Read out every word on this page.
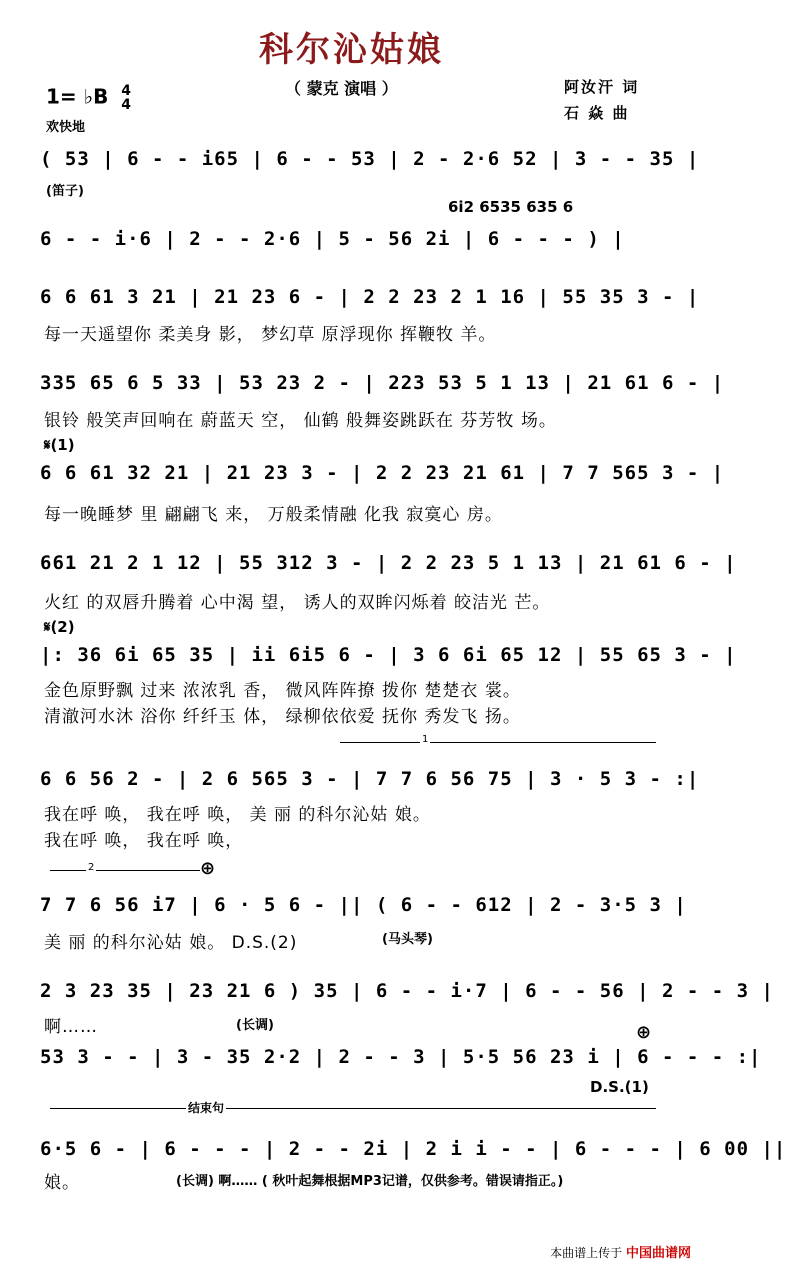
科尔沁姑娘
（ 蒙克 演唱 ）
1= ♭B 4
4
欢快地
阿汝汗 词
石 焱 曲
( 53 | 6 - - i65 | 6 - - 53 | 2 - 2·6 52 | 3 - - 35 |
(笛子)
6i2 6535 635 6
6 - - i·6 | 2 - - 2·6 | 5 - 56 2i | 6 - - - ) |
6 6 61 3 21 | 21 23 6 - | 2 2 23 2 1 16 | 55 35 3 - |
每一天遥望你 柔美身 影， 梦幻草 原浮现你 挥鞭牧 羊。
335 65 6 5 33 | 53 23 2 - | 223 53 5 1 13 | 21 61 6 - |
银铃 般笑声回响在 蔚蓝天 空， 仙鹤 般舞姿跳跃在 芬芳牧 场。
𝄋(1)
6 6 61 32 21 | 21 23 3 - | 2 2 23 21 61 | 7 7 565 3 - |
每一晚睡梦 里 翩翩飞 来， 万般柔情融 化我 寂寞心 房。
661 21 2 1 12 | 55 312 3 - | 2 2 23 5 1 13 | 21 61 6 - |
火红 的双唇升腾着 心中渴 望， 诱人的双眸闪烁着 皎洁光 芒。
𝄋(2)
|: 36 6i 65 35 | ii 6i5 6 - | 3 6 6i 65 12 | 55 65 3 - |
金色原野飘 过来 浓浓乳 香， 微风阵阵撩 拨你 楚楚衣 裳。
清澈河水沐 浴你 纤纤玉 体， 绿柳依依爱 抚你 秀发飞 扬。
1
6 6 56 2 - | 2 6 565 3 - | 7 7 6 56 75 | 3 · 5 3 - :|
我在呼 唤， 我在呼 唤， 美 丽 的科尔沁姑 娘。
我在呼 唤， 我在呼 唤，
2	⊕
7 7 6 56 i7 | 6 · 5 6 - || ( 6 - - 612 | 2 - 3·5 3 |
美 丽 的科尔沁姑 娘。 D.S.(2)	(马头琴)
2 3 23 35 | 23 21 6 ) 35 | 6 - - i·7 | 6 - - 56 | 2 - - 3 |
(长调)
啊……	⊕
53 3 - - | 3 - 35 2·2 | 2 - - 3 | 5·5 56 23 i | 6 - - - :|
D.S.(1)
结束句
6·5 6 - | 6 - - - | 2 - - 2i | 2 i i - - | 6 - - - | 6 00 ||
娘。	(长调) 啊…… ( 秋叶起舞根据MP3记谱，仅供参考。错误请指正。)
本曲谱上传于 中国曲谱网
